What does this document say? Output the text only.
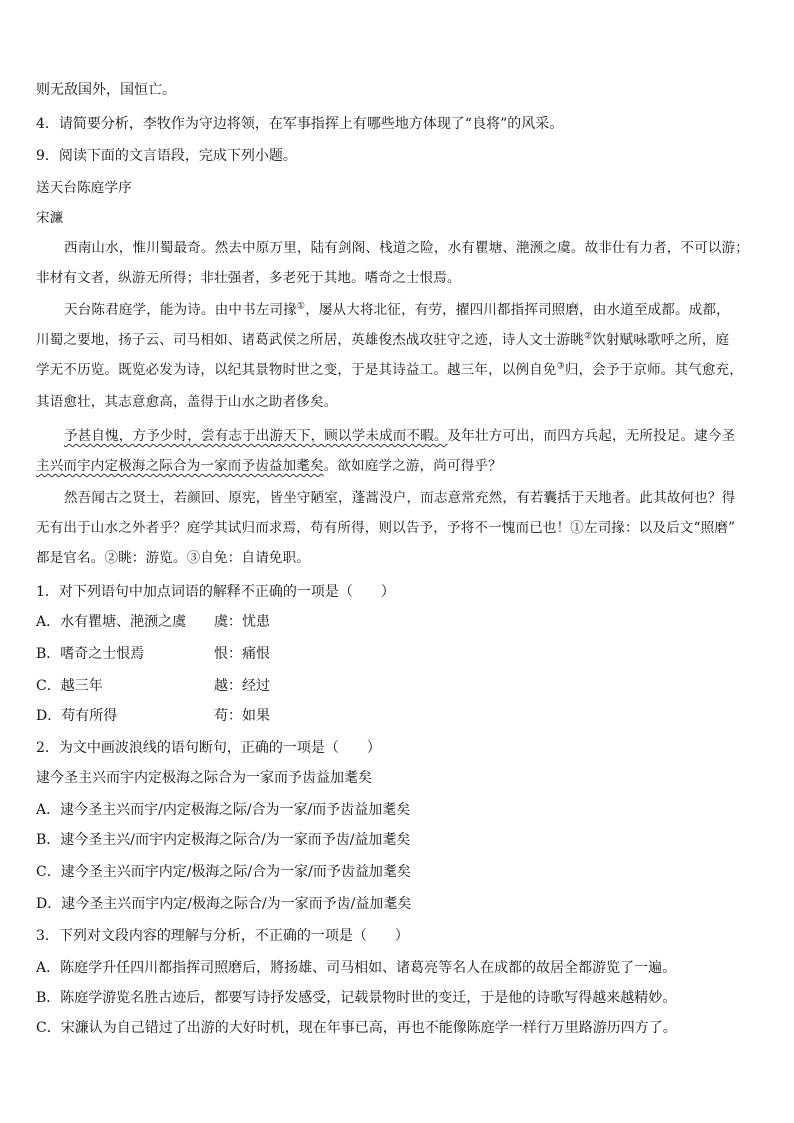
则无敌国外，国恒亡。
4．请简要分析，李牧作为守边将领，在军事指挥上有哪些地方体现了“良将”的风采。
9．阅读下面的文言语段，完成下列小题。
送天台陈庭学序
宋濂
西南山水，惟川蜀最奇。然去中原万里，陆有剑阁、栈道之险，水有瞿塘、滟滪之虞。故非仕有力者，不可以游；
非材有文者，纵游无所得；非壮强者，多老死于其地。嗜奇之士恨焉。
天台陈君庭学，能为诗。由中书左司掾①，屡从大将北征，有劳，擢四川都指挥司照磨，由水道至成都。成都，
川蜀之要地，扬子云、司马相如、诸葛武侯之所居，英雄俊杰战攻驻守之迹，诗人文士游眺②饮射赋咏歌呼之所，庭
学无不历览。既览必发为诗，以纪其景物时世之变，于是其诗益工。越三年，以例自免③归，会予于京师。其气愈充，
其语愈壮，其志意愈高，盖得于山水之助者侈矣。
予甚自愧，方予少时，尝有志于出游天下，顾以学未成而不暇。及年壮方可出，而四方兵起，无所投足。逮今圣
主兴而宇内定极海之际合为一家而予齿益加耄矣。欲如庭学之游，尚可得乎？
然吾闻古之贤士，若颜回、原宪，皆坐守陋室，蓬蒿没户，而志意常充然，有若囊括于天地者。此其故何也？得
无有出于山水之外者乎？庭学其试归而求焉，苟有所得，则以告予，予将不一愧而已也！①左司掾：以及后文“照磨”
都是官名。②眺：游览。③自免：自请免职。
1．对下列语句中加点词语的解释不正确的一项是（　　）
A．水有瞿塘、滟滪之虞 虞：忧患
B．嗜奇之士恨焉	恨：痛恨
C．越三年	越：经过
D．苟有所得	苟：如果
2．为文中画波浪线的语句断句，正确的一项是（　　）
逮今圣主兴而宇内定极海之际合为一家而予齿益加耄矣
A．逮今圣主兴而宇/内定极海之际/合为一家/而予齿益加耄矣
B．逮今圣主兴/而宇内定极海之际合/为一家而予齿/益加耄矣
C．逮今圣主兴而宇内定/极海之际/合为一家/而予齿益加耄矣
D．逮今圣主兴而宇内定/极海之际合/为一家而予齿/益加耄矣
3．下列对文段内容的理解与分析，不正确的一项是（　　）
A．陈庭学升任四川都指挥司照磨后，將扬雄、司马相如、诸葛亮等名人在成都的故居全都游览了一遍。
B．陈庭学游览名胜古迹后，都要写诗抒发感受，记载景物时世的变迁，于是他的诗歌写得越来越精妙。
C．宋濂认为自己错过了出游的大好时机，现在年事已高，再也不能像陈庭学一样行万里路游历四方了。
